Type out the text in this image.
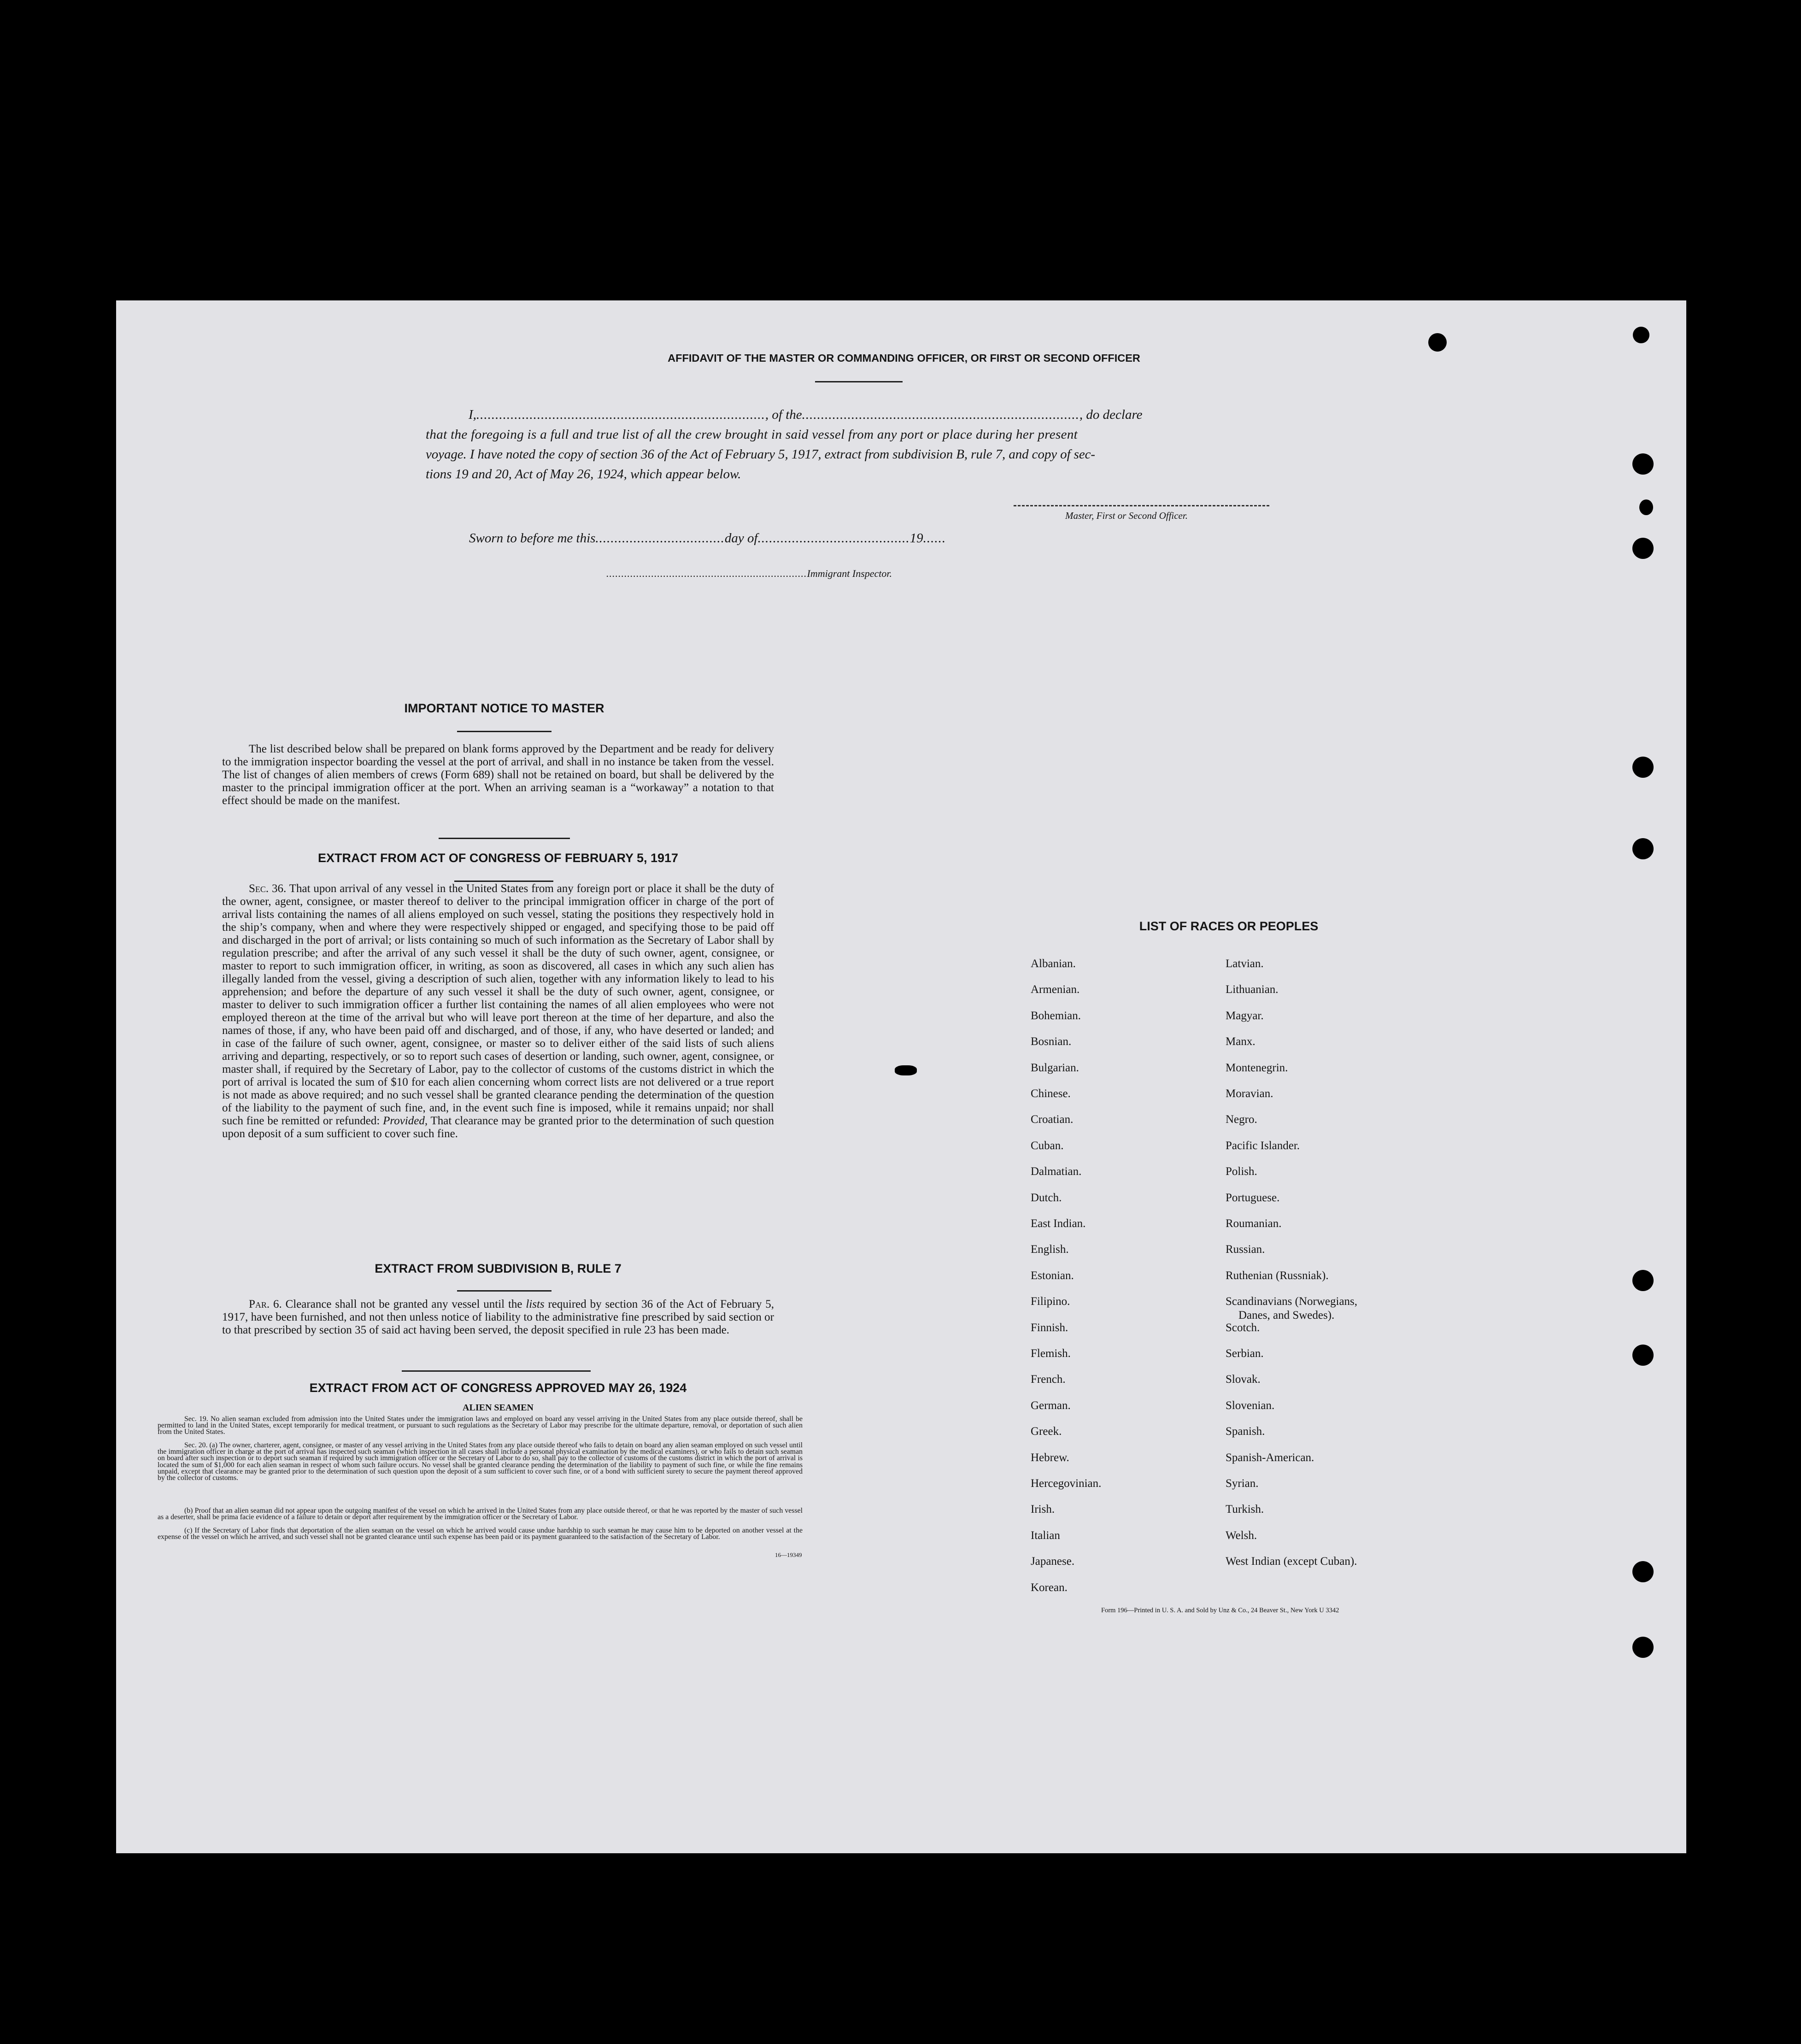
AFFIDAVIT OF THE MASTER OR COMMANDING OFFICER, OR FIRST OR SECOND OFFICER
I,............................................................................, of the........................................................................., do declare
that the foregoing is a full and true list of all the crew brought in said vessel from any port or place during her present
voyage. I have noted the copy of section 36 of the Act of February 5, 1917, extract from subdivision B, rule 7, and copy of sec-
tions 19 and 20, Act of May 26, 1924, which appear below.
Master, First or Second Officer.
Sworn to before me this..................................day of........................................19......
...................................................................Immigrant Inspector.
IMPORTANT NOTICE TO MASTER
The list described below shall be prepared on blank forms approved by the Department and be ready for delivery to the immigration inspector boarding the vessel at the port of arrival, and shall in no instance be taken from the vessel. The list of changes of alien members of crews (Form 689) shall not be retained on board, but shall be delivered by the master to the principal immigration officer at the port. When an arriving seaman is a “workaway” a notation to that effect should be made on the manifest.
EXTRACT FROM ACT OF CONGRESS OF FEBRUARY 5, 1917
Sec. 36. That upon arrival of any vessel in the United States from any foreign port or place it shall be the duty of the owner, agent, consignee, or master thereof to deliver to the principal immigration officer in charge of the port of arrival lists containing the names of all aliens employed on such vessel, stating the positions they respectively hold in the ship’s company, when and where they were respectively shipped or engaged, and specifying those to be paid off and discharged in the port of arrival; or lists containing so much of such information as the Secretary of Labor shall by regulation prescribe; and after the arrival of any such vessel it shall be the duty of such owner, agent, consignee, or master to report to such immigration officer, in writing, as soon as discovered, all cases in which any such alien has illegally landed from the vessel, giving a description of such alien, together with any information likely to lead to his apprehension; and before the departure of any such vessel it shall be the duty of such owner, agent, consignee, or master to deliver to such immigration officer a further list containing the names of all alien employees who were not employed thereon at the time of the arrival but who will leave port thereon at the time of her departure, and also the names of those, if any, who have been paid off and discharged, and of those, if any, who have deserted or landed; and in case of the failure of such owner, agent, consignee, or master so to deliver either of the said lists of such aliens arriving and departing, respectively, or so to report such cases of desertion or landing, such owner, agent, consignee, or master shall, if required by the Secretary of Labor, pay to the collector of customs of the customs district in which the port of arrival is located the sum of $10 for each alien concerning whom correct lists are not delivered or a true report is not made as above required; and no such vessel shall be granted clearance pending the determination of the question of the liability to the payment of such fine, and, in the event such fine is imposed, while it remains unpaid; nor shall such fine be remitted or refunded: Provided, That clearance may be granted prior to the determination of such question upon deposit of a sum sufficient to cover such fine.
EXTRACT FROM SUBDIVISION B, RULE 7
Par. 6. Clearance shall not be granted any vessel until the lists required by section 36 of the Act of February 5, 1917, have been furnished, and not then unless notice of liability to the administrative fine prescribed by said section or to that prescribed by section 35 of said act having been served, the deposit specified in rule 23 has been made.
EXTRACT FROM ACT OF CONGRESS APPROVED MAY 26, 1924
ALIEN SEAMEN
Sec. 19. No alien seaman excluded from admission into the United States under the immigration laws and employed on board any vessel arriving in the United States from any place outside thereof, shall be permitted to land in the United States, except temporarily for medical treatment, or pursuant to such regulations as the Secretary of Labor may prescribe for the ultimate departure, removal, or deportation of such alien from the United States.
Sec. 20. (a) The owner, charterer, agent, consignee, or master of any vessel arriving in the United States from any place outside thereof who fails to detain on board any alien seaman employed on such vessel until the immigration officer in charge at the port of arrival has inspected such seaman (which inspection in all cases shall include a personal physical examination by the medical examiners), or who fails to detain such seaman on board after such inspection or to deport such seaman if required by such immigration officer or the Secretary of Labor to do so, shall pay to the collector of customs of the customs district in which the port of arrival is located the sum of $1,000 for each alien seaman in respect of whom such failure occurs. No vessel shall be granted clearance pending the determination of the liability to payment of such fine, or while the fine remains unpaid, except that clearance may be granted prior to the determination of such question upon the deposit of a sum sufficient to cover such fine, or of a bond with sufficient surety to secure the payment thereof approved by the collector of customs.
(b) Proof that an alien seaman did not appear upon the outgoing manifest of the vessel on which he arrived in the United States from any place outside thereof, or that he was reported by the master of such vessel as a deserter, shall be prima facie evidence of a failure to detain or deport after requirement by the immigration officer or the Secretary of Labor.
(c) If the Secretary of Labor finds that deportation of the alien seaman on the vessel on which he arrived would cause undue hardship to such seaman he may cause him to be deported on another vessel at the expense of the vessel on which he arrived, and such vessel shall not be granted clearance until such expense has been paid or its payment guaranteed to the satisfaction of the Secretary of Labor.
16—19349
LIST OF RACES OR PEOPLES
Form 196—Printed in U. S. A. and Sold by Unz & Co., 24 Beaver St., New York U 3342
Albanian.
Armenian.
Bohemian.
Bosnian.
Bulgarian.
Chinese.
Croatian.
Cuban.
Dalmatian.
Dutch.
East Indian.
English.
Estonian.
Filipino.
Finnish.
Flemish.
French.
German.
Greek.
Hebrew.
Hercegovinian.
Irish.
Italian
Japanese.
Korean.
Latvian.
Lithuanian.
Magyar.
Manx.
Montenegrin.
Moravian.
Negro.
Pacific Islander.
Polish.
Portuguese.
Roumanian.
Russian.
Ruthenian (Russniak).
Scandinavians (Norwegians,
Danes, and Swedes).
Scotch.
Serbian.
Slovak.
Slovenian.
Spanish.
Spanish-American.
Syrian.
Turkish.
Welsh.
West Indian (except Cuban).
